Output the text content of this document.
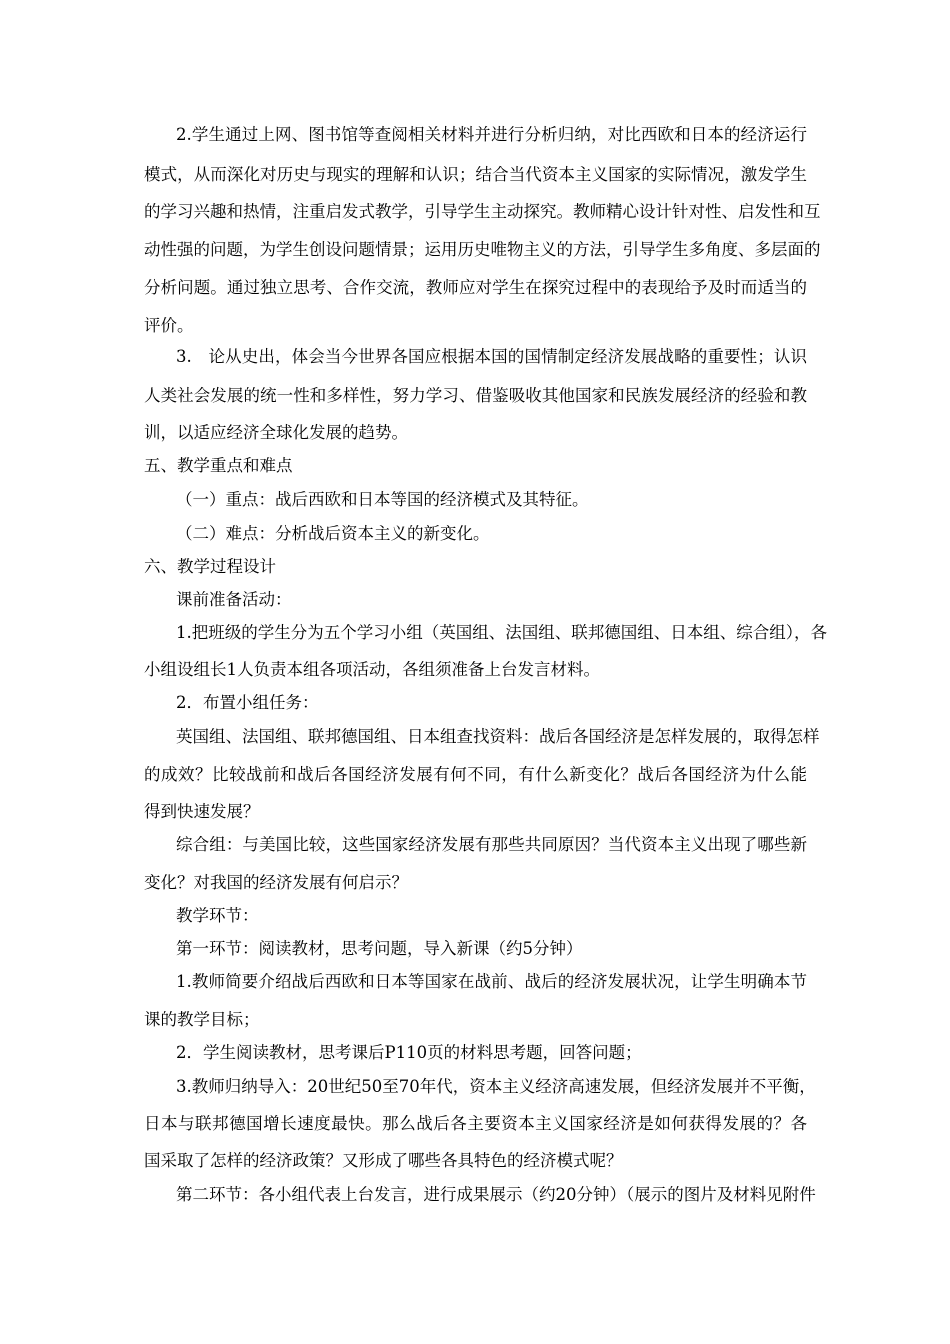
2.学生通过上网、图书馆等查阅相关材料并进行分析归纳，对比西欧和日本的经济运行
模式，从而深化对历史与现实的理解和认识；结合当代资本主义国家的实际情况，激发学生
的学习兴趣和热情，注重启发式教学，引导学生主动探究。教师精心设计针对性、启发性和互
动性强的问题，为学生创设问题情景；运用历史唯物主义的方法，引导学生多角度、多层面的
分析问题。通过独立思考、合作交流，教师应对学生在探究过程中的表现给予及时而适当的
评价。
3.　论从史出，体会当今世界各国应根据本国的国情制定经济发展战略的重要性；认识
人类社会发展的统一性和多样性，努力学习、借鉴吸收其他国家和民族发展经济的经验和教
训，以适应经济全球化发展的趋势。
五、教学重点和难点
（一）重点：战后西欧和日本等国的经济模式及其特征。
（二）难点：分析战后资本主义的新变化。
六、教学过程设计
课前准备活动：
1.把班级的学生分为五个学习小组（英国组、法国组、联邦德国组、日本组、综合组），各
小组设组长1人负责本组各项活动，各组须准备上台发言材料。
2．布置小组任务：
英国组、法国组、联邦德国组、日本组查找资料：战后各国经济是怎样发展的，取得怎样
的成效？比较战前和战后各国经济发展有何不同，有什么新变化？战后各国经济为什么能
得到快速发展？
综合组：与美国比较，这些国家经济发展有那些共同原因？当代资本主义出现了哪些新
变化？对我国的经济发展有何启示？
教学环节：
第一环节：阅读教材，思考问题，导入新课（约5分钟）
1.教师简要介绍战后西欧和日本等国家在战前、战后的经济发展状况，让学生明确本节
课的教学目标；
2．学生阅读教材，思考课后P110页的材料思考题，回答问题；
3.教师归纳导入：20世纪50至70年代，资本主义经济高速发展，但经济发展并不平衡，
日本与联邦德国增长速度最快。那么战后各主要资本主义国家经济是如何获得发展的？各
国采取了怎样的经济政策？又形成了哪些各具特色的经济模式呢？
第二环节：各小组代表上台发言，进行成果展示（约20分钟）（展示的图片及材料见附件
